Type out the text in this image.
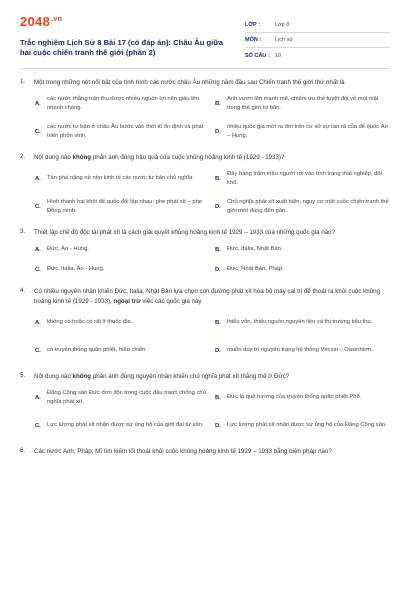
$2048^{.vn}$
Trắc nghiệm Lịch Sử 8 Bài 17 (có đáp án): Châu Âu giữa hai cuộc chiến tranh thế giới (phần 2)
LỚP :	Lớp 8
MÔN :	Lịch sử
SỐ CÂU : 10
1. Một trong những nét nổi bật của tình hình các nước châu Âu những năm đầu sau Chiến tranh thế giới thứ nhất là
A.
các nước thắng trận thu được nhiều nguồn lợi nên giàu lên nhanh chóng.
B.
Anh vươn lên mạnh mẽ, chiếm ưu thế tuyệt đối về mọi mặt trong thế giới tư bản.
C.
các nước tư bản ở châu Âu bước vào thời kì ổn định và phát triển phồn vinh.
D.
nhiều quốc gia mới ra đời trên cơ sở sự tan rã của đế quốc Áo – Hung.
2. Nội dung nào không phản ánh đúng hậu quả của cuộc khủng hoảng kinh tế (1929 - 1933)?
A.	Tàn phá nặng nề nền kinh tế các nước tư bản chủ nghĩa.	B.
Đẩy hàng trăm triệu người rơi vào tình trạng thất nghiệp, đói khổ.
C.
Hình thành hai khối đế quốc đối lập nhau: phe phát xít – phe Đồng minh.
D.
Chủ nghĩa phát xít xuất hiện, nguy cơ một cuộc chiến tranh thế giới mới đang đến gần.
3. Thiết lập chế độ độc tài phát xít là cách giải quyết khủng hoảng kinh tế 1929 – 1933 của những quốc gia nào?
A.	Đức, Áo - Hung.	B.	Đức, Italia, Nhật Bản.
C.	Đức, Italia, Áo - Hung.	D.	Đức, Nhật Bản, Pháp.
4. Có nhiều nguyên nhân khiến Đức, Italia, Nhật Bản lựa chọn con đường phát xít hóa bộ máy cai trị để thoát ra khỏi cuộc khủng hoảng kinh tế (1929 - 1933), ngoại trừ việc các quốc gia này
A.	không có hoặc có rất ít thuộc địa.	B.	thiếu vốn, thiếu nguồn nguyên liệu và thị trường tiêu thụ.
C.	có truyền thống quân phiệt, hiếu chiến.	D.	muốn duy trì nguyên trạng hệ thống Vécxai – Oasinhtơn.
5. Nội dung nào không phản ánh đúng nguyên nhân khiến chủ nghĩa phát xít thắng thế ở Đức?
A.
Đảng Cộng sản Đức đơn độc trong cuộc đấu tranh chống chủ nghĩa phát xít.
B.	Đức là quê hương của truyền thống quân phiệt Phổ.
C.	Lực lượng phát xít nhận được sự ủng hộ của giới đại tư sản. D.	Lực lượng phát xít nhận được sự ủng hộ của Đảng Cộng sản.
6. Các nước Anh, Pháp, Mĩ tìm kiếm lối thoát khỏi cuộc khủng hoảng kinh tế 1929 – 1933 bằng biện pháp nào?
